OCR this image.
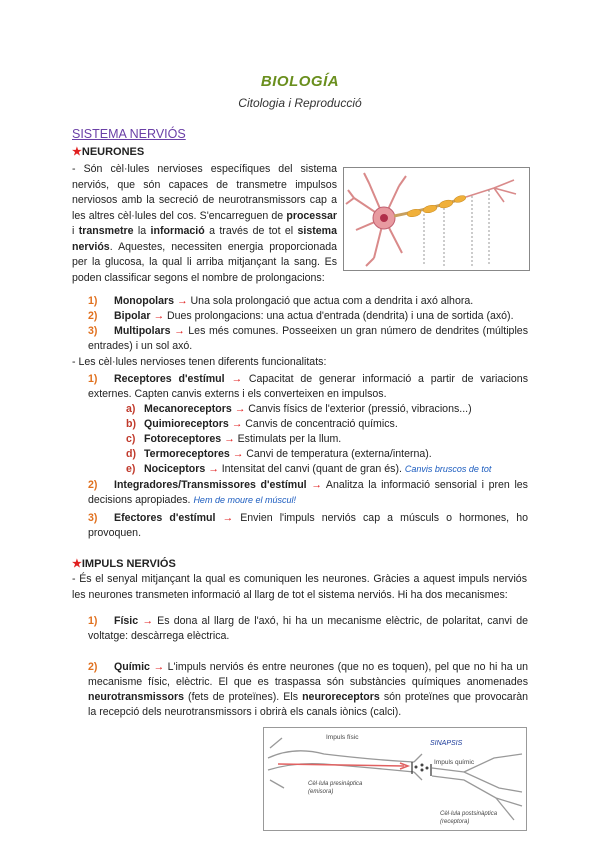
BIOLOGÍA
Citologia i Reproducció
SISTEMA NERVIÓS
★NEURONES
- Són cèl·lules nervioses específiques del sistema nerviós, que són capaces de transmetre impulsos nerviosos amb la secreció de neurotransmissors cap a les altres cèl·lules del cos. S'encarreguen de processar i transmetre la informació a través de tot el sistema nerviós. Aquestes, necessiten energia proporcionada per la glucosa, la qual li arriba mitjançant la sang. Es poden classificar segons el nombre de prolongacions:
1) Monopolars → Una sola prolongació que actua com a dendrita i axó alhora.
2) Bipolar → Dues prolongacions: una actua d'entrada (dendrita) i una de sortida (axó).
3) Multipolars → Les més comunes. Posseeixen un gran número de dendrites (múltiples entrades) i un sol axó.
- Les cèl·lules nervioses tenen diferents funcionalitats:
1) Receptores d'estímul → Capacitat de generar informació a partir de variacions externes. Capten canvis externs i els converteixen en impulsos.
a) Mecanoreceptors → Canvis físics de l'exterior (pressió, vibracions...)
b) Quimioreceptors → Canvis de concentració químics.
c) Fotoreceptores → Estimulats per la llum.
d) Termoreceptores → Canvi de temperatura (externa/interna).
e) Nociceptors → Intensitat del canvi (quant de gran és). Canvis bruscos de tot
2) Integradores/Transmissores d'estímul → Analitza la informació sensorial i pren les decisions apropiades. Hem de moure el múscul!
3) Efectores d'estímul → Envien l'impuls nerviós cap a músculs o hormones, ho provoquen.
★IMPULS NERVIÓS
- És el senyal mitjançant la qual es comuniquen les neurones. Gràcies a aquest impuls nerviós les neurones transmeten informació al llarg de tot el sistema nerviós. Hi ha dos mecanismes:
1) Físic → Es dona al llarg de l'axó, hi ha un mecanisme elèctric, de polaritat, canvi de voltatge: descàrrega elèctrica.
2) Químic → L'impuls nerviós és entre neurones (que no es toquen), pel que no hi ha un mecanisme físic, elèctric. El que es traspassa són substàncies químiques anomenades neurotransmissors (fets de proteïnes). Els neuroreceptors són proteïnes que provocaràn la recepció dels neurotransmissors i obrirà els canals iònics (calci).
Impuls físic
SINAPSIS
Impuls químic
Cèl·lula presinàptica
(emisora)
Cèl·lula postsinàptica
(receptora)
